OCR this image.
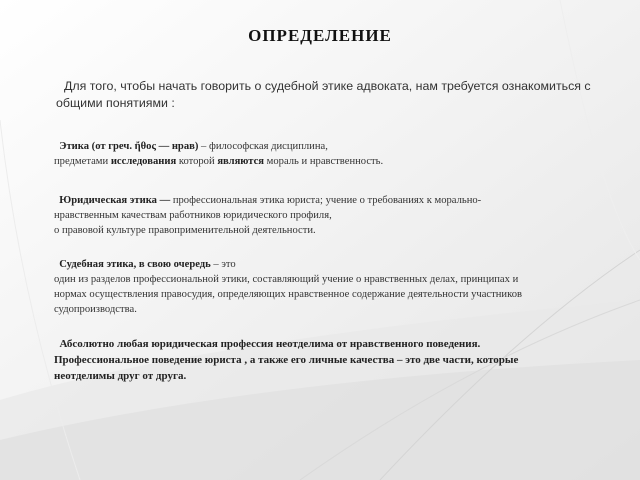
ОПРЕДЕЛЕНИЕ
Для того, чтобы начать говорить о судебной этике адвоката, нам требуется ознакомиться с
общими понятиями :
Этика (от греч. ἤθος — нрав) – философская дисциплина,
предметами исследования которой являются мораль и нравственность.
Юридическая этика — профессиональная этика юриста; учение о требованиях к морально-
нравственным качествам работников юридического профиля,
о правовой культуре правоприменительной деятельности.
Судебная этика, в свою очередь – это
один из разделов профессиональной этики, составляющий учение о нравственных делах, принципах и
нормах осуществления правосудия, определяющих нравственное содержание деятельности участников
судопроизводства.
Абсолютно любая юридическая профессия неотделима от нравственного поведения.
Профессиональное поведение юриста , а также его личные качества – это две части, которые
неотделимы друг от друга.
